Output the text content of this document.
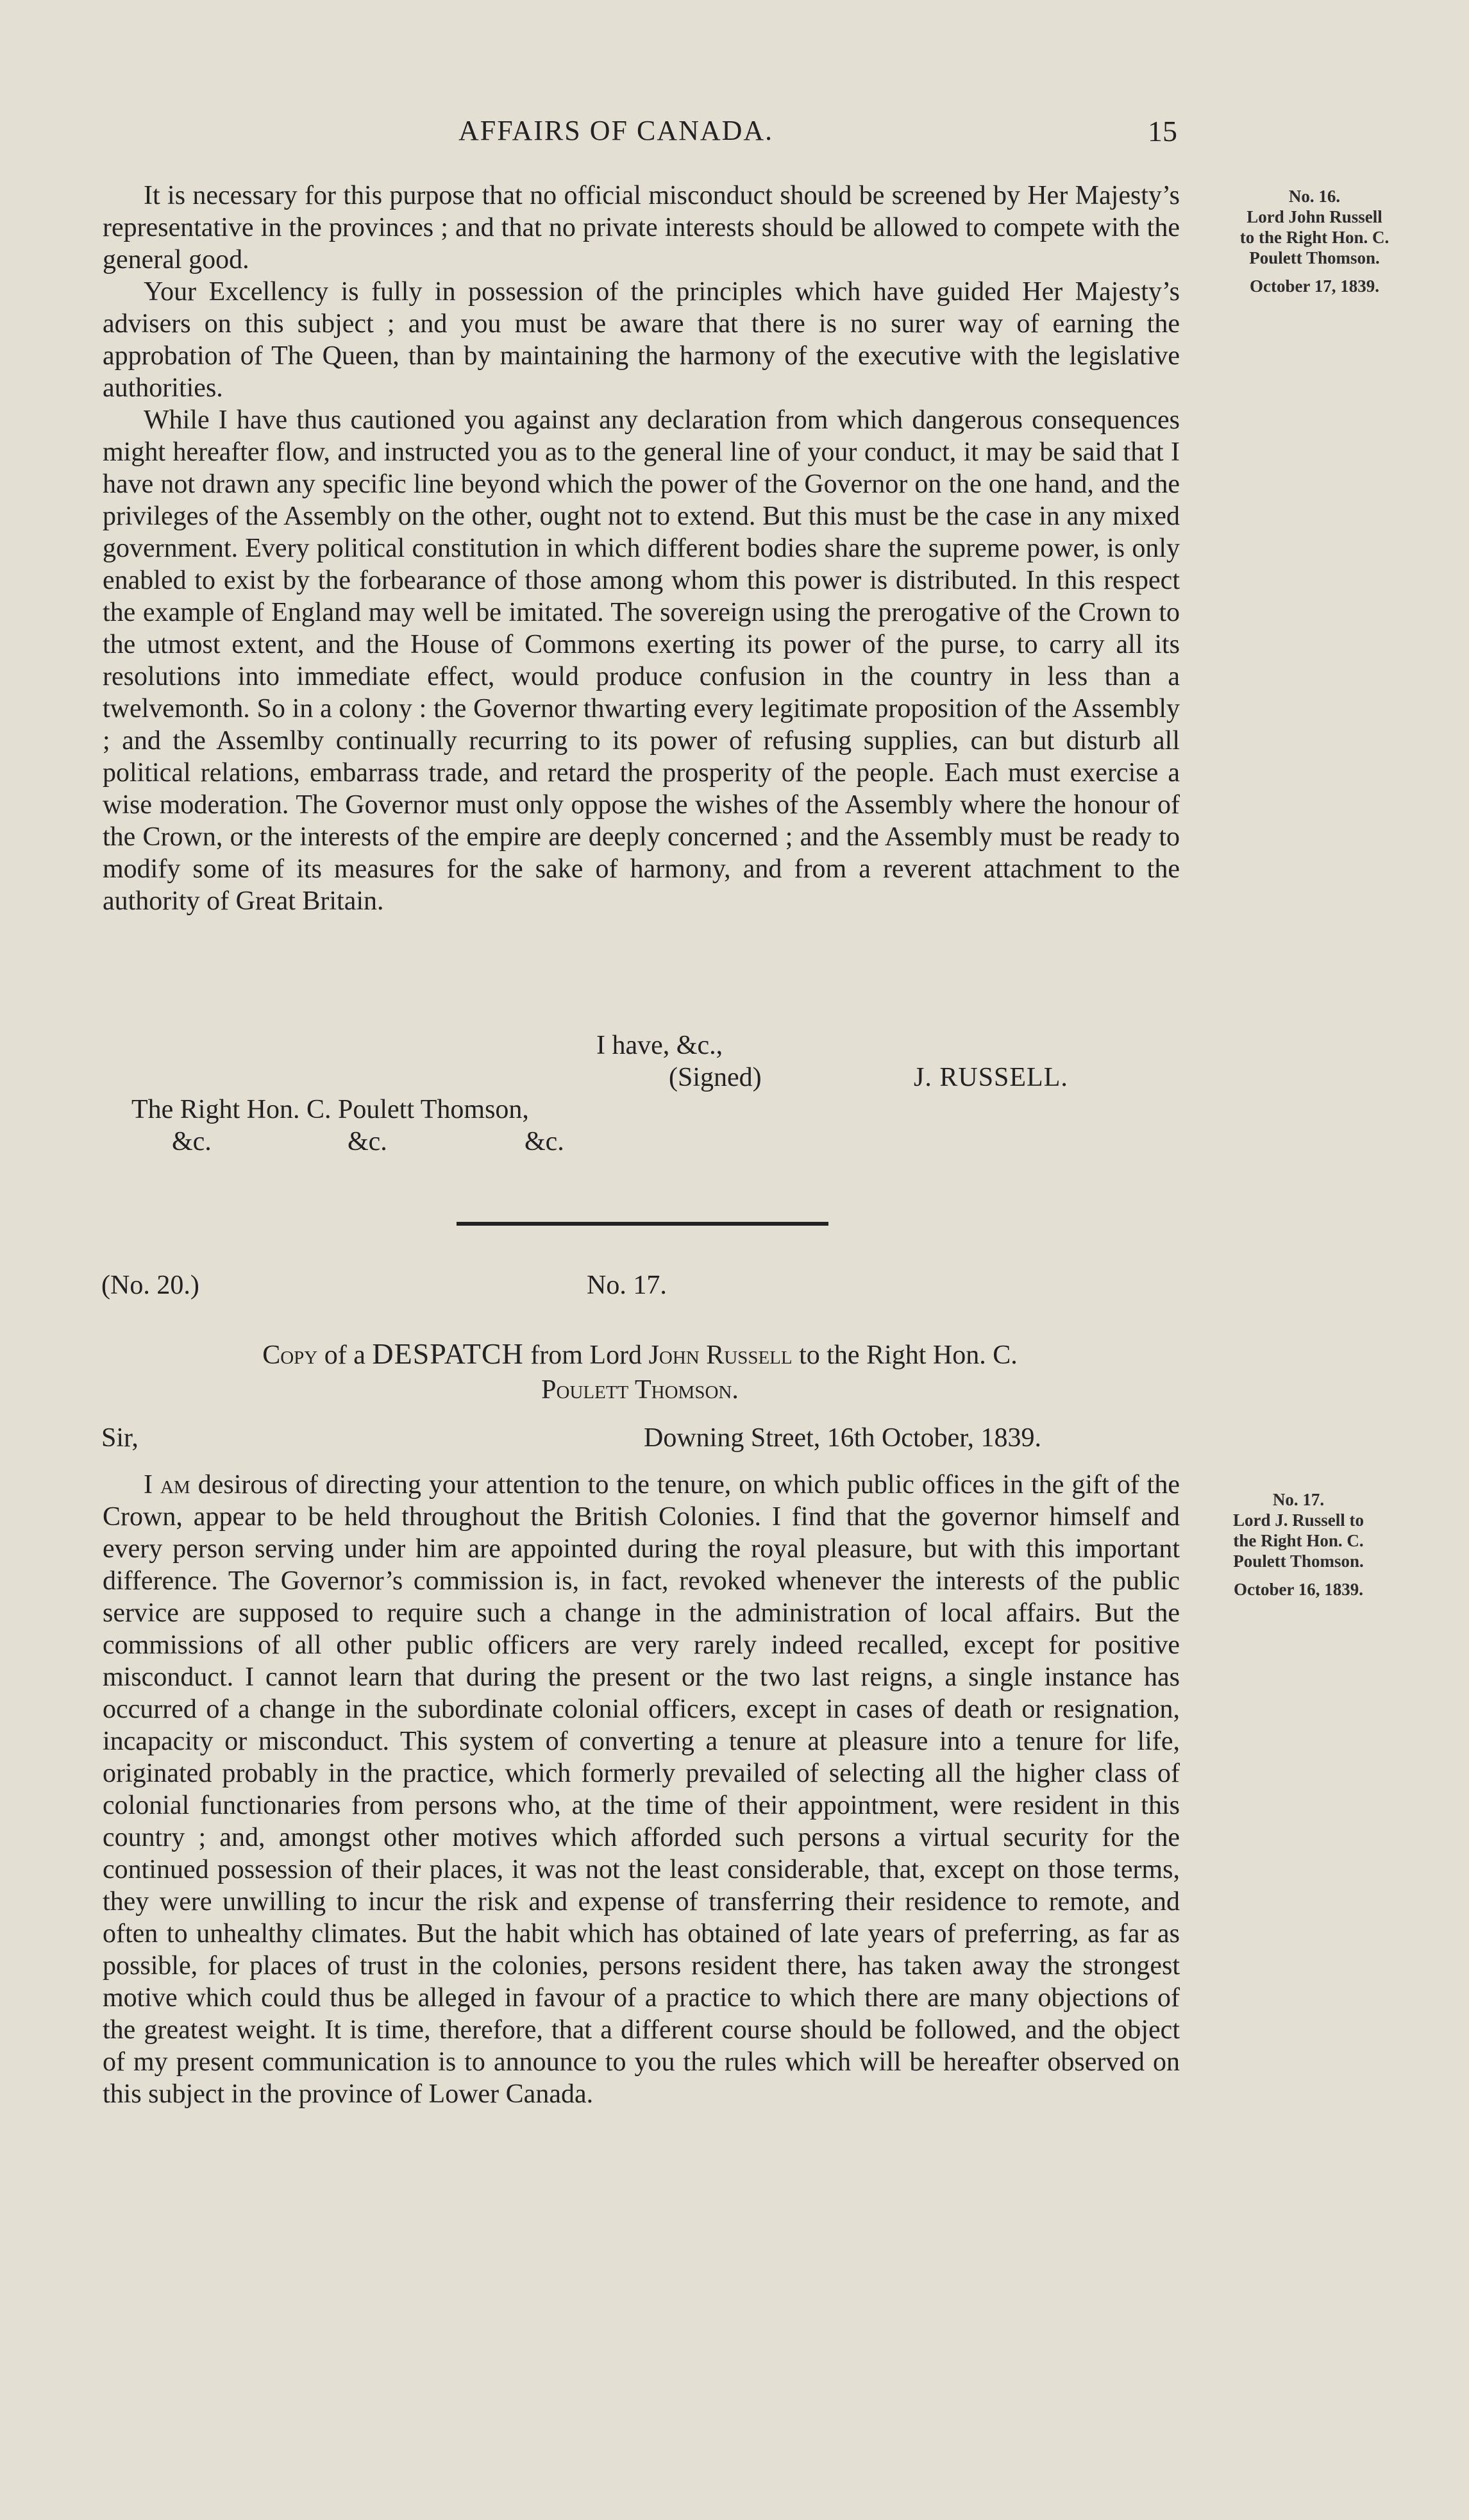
AFFAIRS OF CANADA.	15
No. 16.
Lord John Russell
to the Right Hon. C.
Poulett Thomson.
October 17, 1839.

It is necessary for this purpose that no official misconduct should be screened by Her Majesty’s representative in the provinces ; and that no private interests should be allowed to compete with the general good.

Your Excellency is fully in possession of the principles which have guided Her Majesty’s advisers on this subject ; and you must be aware that there is no surer way of earning the approbation of The Queen, than by maintaining the harmony of the executive with the legislative authorities.

While I have thus cautioned you against any declaration from which dangerous consequences might hereafter flow, and instructed you as to the general line of your conduct, it may be said that I have not drawn any specific line beyond which the power of the Governor on the one hand, and the privileges of the Assembly on the other, ought not to extend. But this must be the case in any mixed government. Every political constitution in which different bodies share the supreme power, is only enabled to exist by the forbearance of those among whom this power is distributed. In this respect the example of England may well be imitated. The sovereign using the prerogative of the Crown to the utmost extent, and the House of Commons exerting its power of the purse, to carry all its resolutions into immediate effect, would produce confusion in the country in less than a twelvemonth. So in a colony : the Governor thwarting every legitimate proposition of the Assembly ; and the Assemlby continually recurring to its power of refusing supplies, can but disturb all political relations, embarrass trade, and retard the prosperity of the people. Each must exercise a wise moderation. The Governor must only oppose the wishes of the Assembly where the honour of the Crown, or the interests of the empire are deeply concerned ; and the Assembly must be ready to modify some of its measures for the sake of harmony, and from a reverent attachment to the authority of Great Britain.

I have, &c.,
(Signed)	J. RUSSELL.
The Right Hon. C. Poulett Thomson,
&c.	&c.	&c.
(No. 20.)	No. 17.
Copy of a DESPATCH from Lord John Russell to the Right Hon. C.
Poulett Thomson.
Sir,	Downing Street, 16th October, 1839.
No. 17.
Lord J. Russell to
the Right Hon. C.
Poulett Thomson.
October 16, 1839.

I am desirous of directing your attention to the tenure, on which public offices in the gift of the Crown, appear to be held throughout the British Colonies. I find that the governor himself and every person serving under him are appointed during the royal pleasure, but with this important difference. The Governor’s commission is, in fact, revoked whenever the interests of the public service are supposed to require such a change in the administration of local affairs. But the commissions of all other public officers are very rarely indeed recalled, except for positive misconduct. I cannot learn that during the present or the two last reigns, a single instance has occurred of a change in the subordinate colonial officers, except in cases of death or resignation, incapacity or misconduct. This system of converting a tenure at pleasure into a tenure for life, originated probably in the practice, which formerly prevailed of selecting all the higher class of colonial functionaries from persons who, at the time of their appointment, were resident in this country ; and, amongst other motives which afforded such persons a virtual security for the continued possession of their places, it was not the least considerable, that, except on those terms, they were unwilling to incur the risk and expense of transferring their residence to remote, and often to unhealthy climates. But the habit which has obtained of late years of preferring, as far as possible, for places of trust in the colonies, persons resident there, has taken away the strongest motive which could thus be alleged in favour of a practice to which there are many objections of the greatest weight. It is time, therefore, that a different course should be followed, and the object of my present communication is to announce to you the rules which will be hereafter observed on this subject in the province of Lower Canada.
